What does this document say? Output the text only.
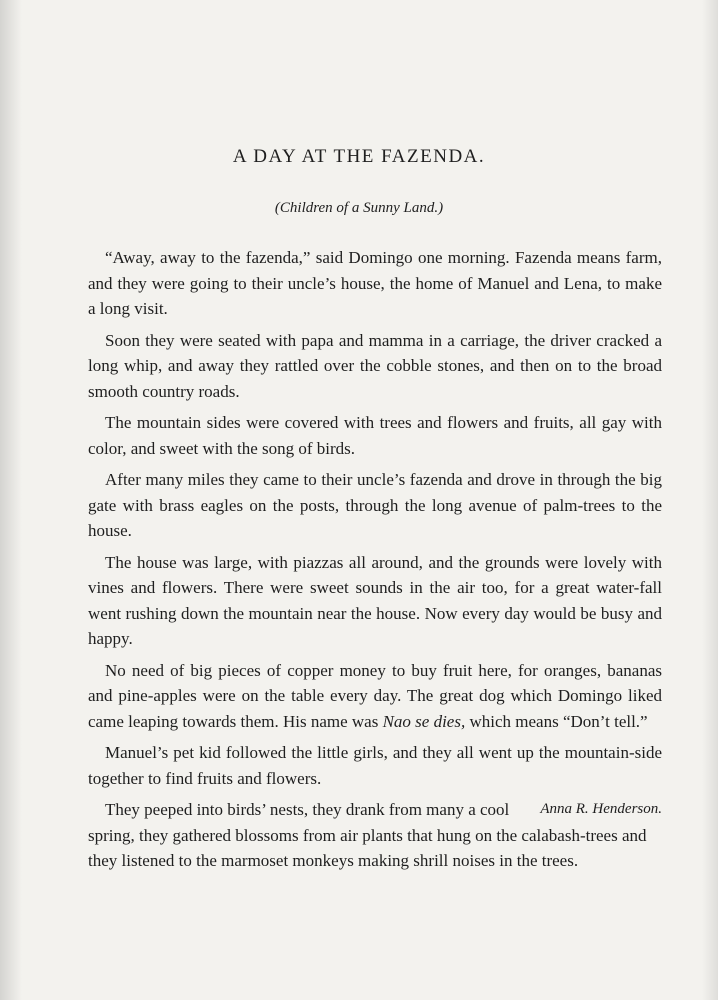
A DAY AT THE FAZENDA.
(Children of a Sunny Land.)

“Away, away to the fazenda,” said Domingo one morning. Fazenda means farm, and they were going to their uncle’s house, the home of Manuel and Lena, to make a long visit.

Soon they were seated with papa and mamma in a carriage, the driver cracked a long whip, and away they rattled over the cobble stones, and then on to the broad smooth country roads.

The mountain sides were covered with trees and flowers and fruits, all gay with color, and sweet with the song of birds.

After many miles they came to their uncle’s fazenda and drove in through the big gate with brass eagles on the posts, through the long avenue of palm-trees to the house.

The house was large, with piazzas all around, and the grounds were lovely with vines and flowers. There were sweet sounds in the air too, for a great water-fall went rushing down the mountain near the house. Now every day would be busy and happy.

No need of big pieces of copper money to buy fruit here, for oranges, bananas and pine-apples were on the table every day. The great dog which Domingo liked came leaping towards them. His name was Nao se dies, which means “Don’t tell.”

Manuel’s pet kid followed the little girls, and they all went up the mountain-side together to find fruits and flowers.

Anna R. Henderson.
They peeped into birds’ nests, they drank from many a cool spring, they gathered blossoms from air plants that hung on the calabash-trees and they listened to the marmoset monkeys making shrill noises in the trees.
